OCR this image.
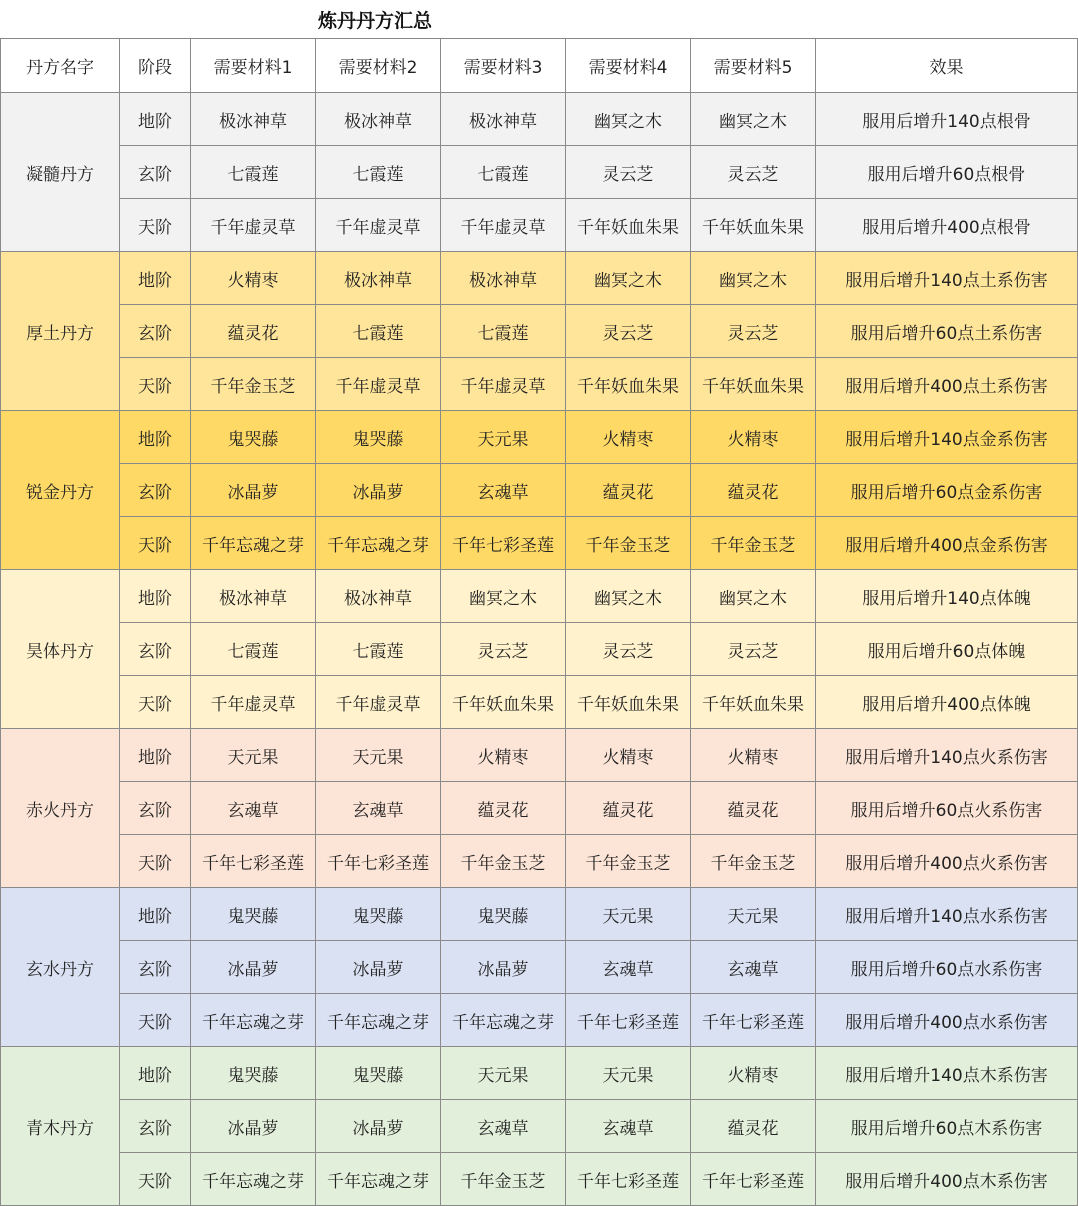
炼丹丹方汇总
丹方名字	阶段	需要材料1	需要材料2	需要材料3	需要材料4	需要材料5	效果
凝髓丹方	地阶	极冰神草	极冰神草	极冰神草	幽冥之木	幽冥之木	服用后增升140点根骨
	玄阶	七霞莲	七霞莲	七霞莲	灵云芝	灵云芝	服用后增升60点根骨
	天阶	千年虚灵草	千年虚灵草	千年虚灵草	千年妖血朱果	千年妖血朱果	服用后增升400点根骨
厚土丹方	地阶	火精枣	极冰神草	极冰神草	幽冥之木	幽冥之木	服用后增升140点土系伤害
	玄阶	蕴灵花	七霞莲	七霞莲	灵云芝	灵云芝	服用后增升60点土系伤害
	天阶	千年金玉芝	千年虚灵草	千年虚灵草	千年妖血朱果	千年妖血朱果	服用后增升400点土系伤害
锐金丹方	地阶	鬼哭藤	鬼哭藤	天元果	火精枣	火精枣	服用后增升140点金系伤害
	玄阶	冰晶萝	冰晶萝	玄魂草	蕴灵花	蕴灵花	服用后增升60点金系伤害
	天阶	千年忘魂之芽	千年忘魂之芽	千年七彩圣莲	千年金玉芝	千年金玉芝	服用后增升400点金系伤害
昊体丹方	地阶	极冰神草	极冰神草	幽冥之木	幽冥之木	幽冥之木	服用后增升140点体魄
	玄阶	七霞莲	七霞莲	灵云芝	灵云芝	灵云芝	服用后增升60点体魄
	天阶	千年虚灵草	千年虚灵草	千年妖血朱果	千年妖血朱果	千年妖血朱果	服用后增升400点体魄
赤火丹方	地阶	天元果	天元果	火精枣	火精枣	火精枣	服用后增升140点火系伤害
	玄阶	玄魂草	玄魂草	蕴灵花	蕴灵花	蕴灵花	服用后增升60点火系伤害
	天阶	千年七彩圣莲	千年七彩圣莲	千年金玉芝	千年金玉芝	千年金玉芝	服用后增升400点火系伤害
玄水丹方	地阶	鬼哭藤	鬼哭藤	鬼哭藤	天元果	天元果	服用后增升140点水系伤害
	玄阶	冰晶萝	冰晶萝	冰晶萝	玄魂草	玄魂草	服用后增升60点水系伤害
	天阶	千年忘魂之芽	千年忘魂之芽	千年忘魂之芽	千年七彩圣莲	千年七彩圣莲	服用后增升400点水系伤害
青木丹方	地阶	鬼哭藤	鬼哭藤	天元果	天元果	火精枣	服用后增升140点木系伤害
	玄阶	冰晶萝	冰晶萝	玄魂草	玄魂草	蕴灵花	服用后增升60点木系伤害
	天阶	千年忘魂之芽	千年忘魂之芽	千年金玉芝	千年七彩圣莲	千年七彩圣莲	服用后增升400点木系伤害
